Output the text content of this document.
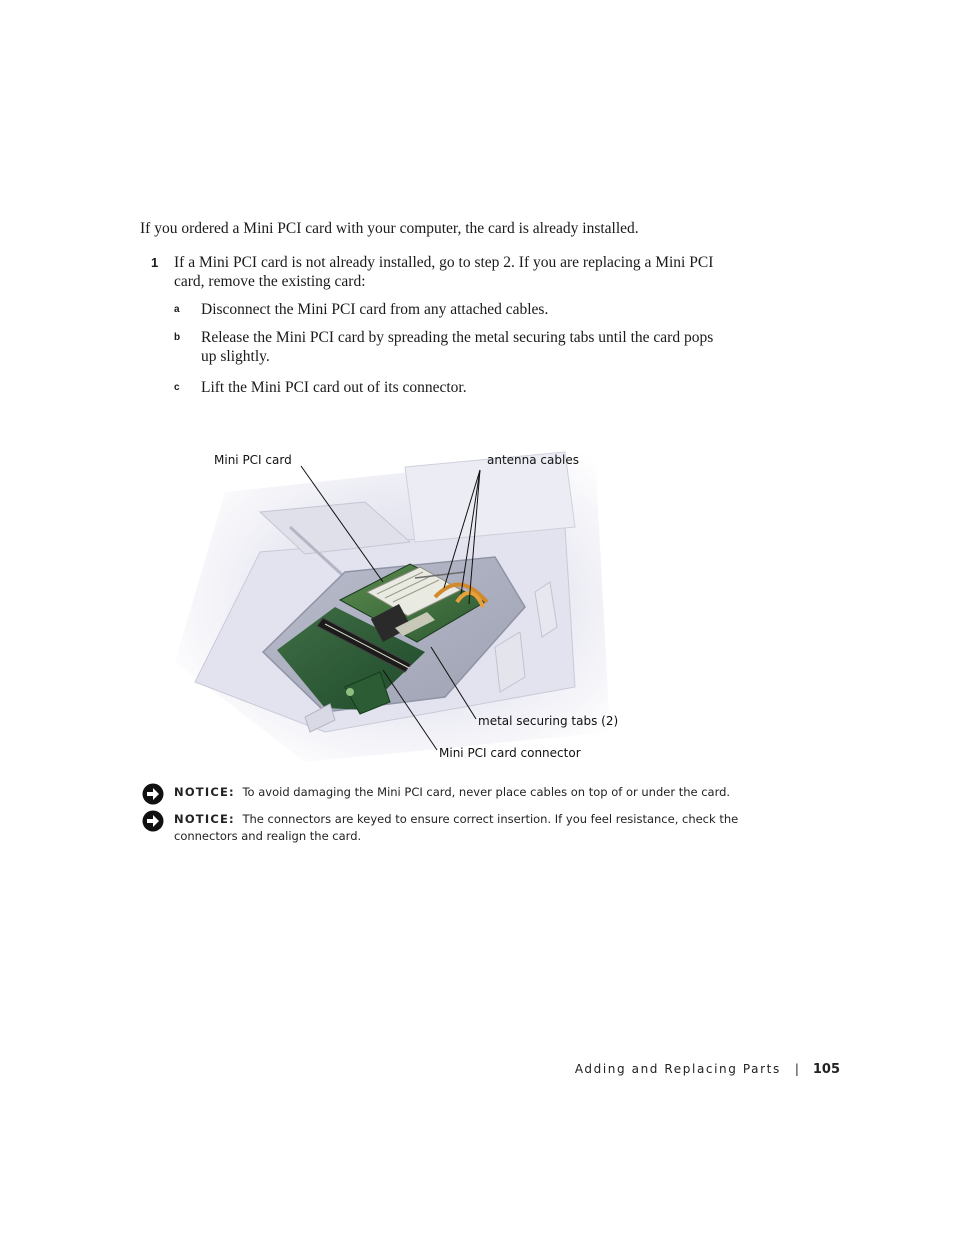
If you ordered a Mini PCI card with your computer, the card is already installed.

1 If a Mini PCI card is not already installed, go to step 2. If you are replacing a Mini PCI card, remove the existing card:

a Disconnect the Mini PCI card from any attached cables.

b Release the Mini PCI card by spreading the metal securing tabs until the card pops up slightly.

c Lift the Mini PCI card out of its connector.

Mini PCI card	antenna cables
metal securing tabs (2)
Mini PCI card connector
NOTICE: To avoid damaging the Mini PCI card, never place cables on top of or under the card.
NOTICE: The connectors are keyed to ensure correct insertion. If you feel resistance, check the connectors and realign the card.
Adding and Replacing Parts | 105
